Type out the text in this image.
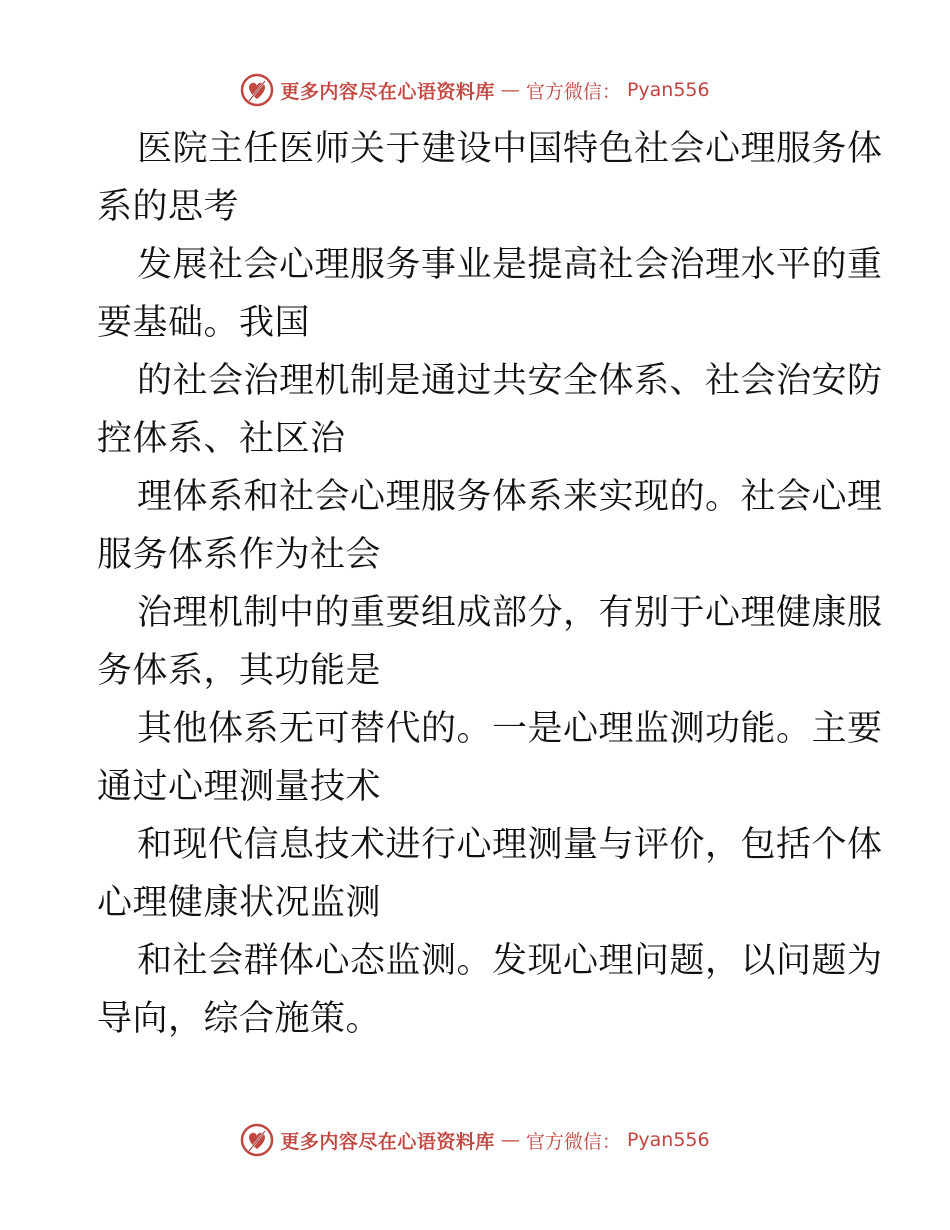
更多内容尽在心语资料库 — 官方微信： Pyan556
医院主任医师关于建设中国特色社会心理服务体
系的思考
发展社会心理服务事业是提高社会治理水平的重
要基础。我国
的社会治理机制是通过共安全体系、社会治安防
控体系、社区治
理体系和社会心理服务体系来实现的。社会心理
服务体系作为社会
治理机制中的重要组成部分，有别于心理健康服
务体系，其功能是
其他体系无可替代的。一是心理监测功能。主要
通过心理测量技术
和现代信息技术进行心理测量与评价，包括个体
心理健康状况监测
和社会群体心态监测。发现心理问题，以问题为
导向，综合施策。
更多内容尽在心语资料库 — 官方微信： Pyan556
